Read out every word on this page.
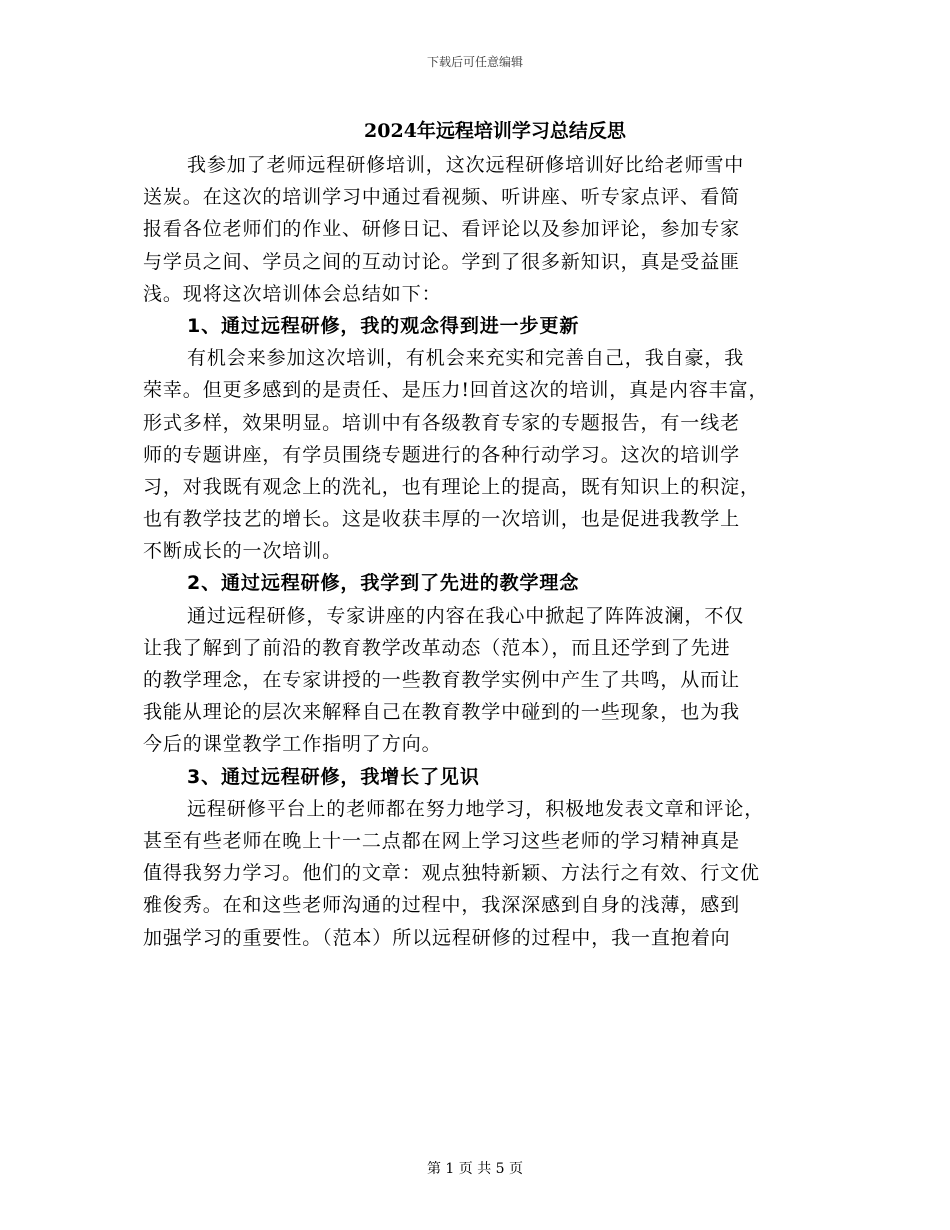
下载后可任意编辑
2024年远程培训学习总结反思
我参加了老师远程研修培训，这次远程研修培训好比给老师雪中
送炭。在这次的培训学习中通过看视频、听讲座、听专家点评、看简
报看各位老师们的作业、研修日记、看评论以及参加评论，参加专家
与学员之间、学员之间的互动讨论。学到了很多新知识，真是受益匪
浅。现将这次培训体会总结如下：
1、通过远程研修，我的观念得到进一步更新
有机会来参加这次培训，有机会来充实和完善自己，我自豪，我
荣幸。但更多感到的是责任、是压力!回首这次的培训，真是内容丰富，
形式多样，效果明显。培训中有各级教育专家的专题报告，有一线老
师的专题讲座，有学员围绕专题进行的各种行动学习。这次的培训学
习，对我既有观念上的洗礼，也有理论上的提高，既有知识上的积淀，
也有教学技艺的增长。这是收获丰厚的一次培训，也是促进我教学上
不断成长的一次培训。
2、通过远程研修，我学到了先进的教学理念
通过远程研修，专家讲座的内容在我心中掀起了阵阵波澜，不仅
让我了解到了前沿的教育教学改革动态（范本），而且还学到了先进
的教学理念，在专家讲授的一些教育教学实例中产生了共鸣，从而让
我能从理论的层次来解释自己在教育教学中碰到的一些现象，也为我
今后的课堂教学工作指明了方向。
3、通过远程研修，我增长了见识
远程研修平台上的老师都在努力地学习，积极地发表文章和评论，
甚至有些老师在晚上十一二点都在网上学习这些老师的学习精神真是
值得我努力学习。他们的文章：观点独特新颖、方法行之有效、行文优
雅俊秀。在和这些老师沟通的过程中，我深深感到自身的浅薄，感到
加强学习的重要性。（范本）所以远程研修的过程中，我一直抱着向
第 1 页 共 5 页
